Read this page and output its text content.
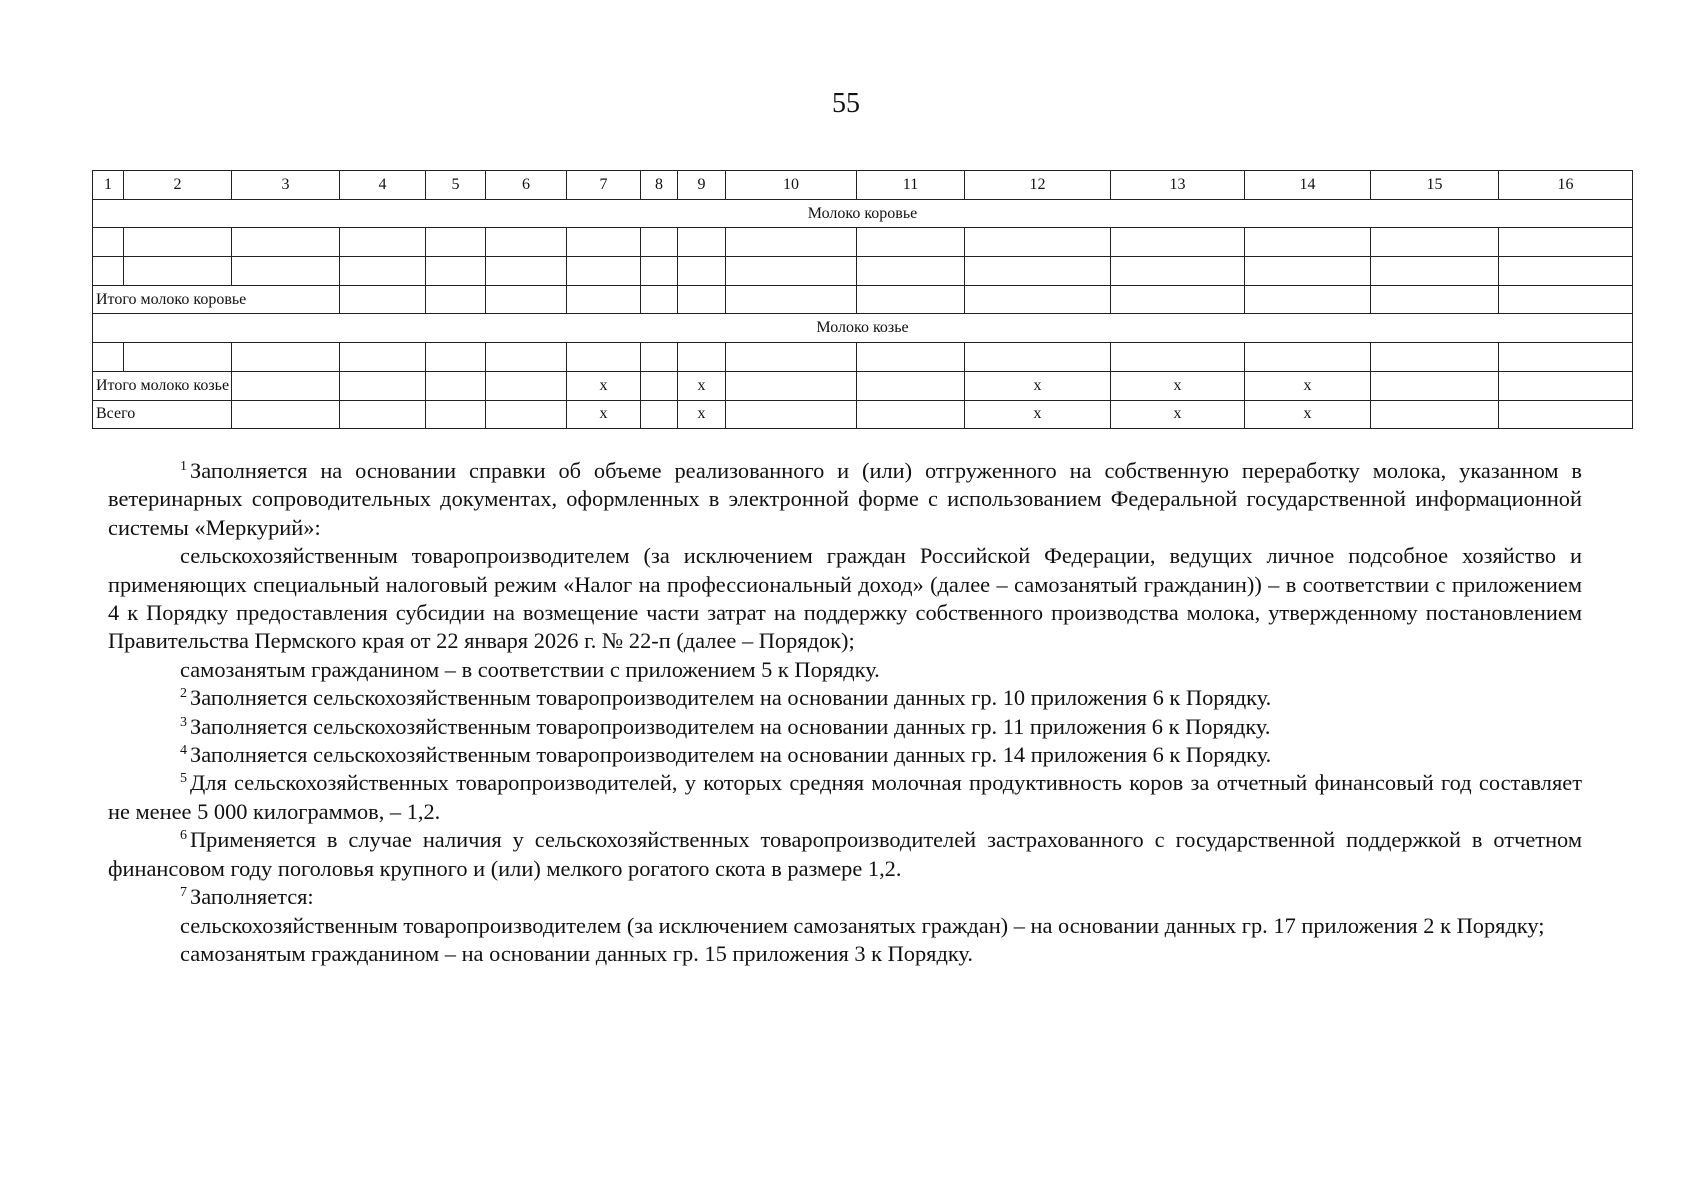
55
1	2	3	4	5	6	7	8	9	10	11	12	13	14	15	16	
Молоко коровье																

Итого молоко коровье																
Молоко козье																

Итого молоко козье						x		x			x	x	x			
Всего						x		x			x	x	x			

$^1$ Заполняется на основании справки об объеме реализованного и (или) отгруженного на собственную переработку молока, указанном в ветеринарных сопроводительных документах, оформленных в электронной форме с использованием Федеральной государственной информационной системы «Меркурий»:

сельскохозяйственным товаропроизводителем (за исключением граждан Российской Федерации, ведущих личное подсобное хозяйство и применяющих специальный налоговый режим «Налог на профессиональный доход» (далее – самозанятый гражданин)) – в соответствии с приложением 4 к Порядку предоставления субсидии на возмещение части затрат на поддержку собственного производства молока, утвержденному постановлением Правительства Пермского края от 22 января 2026 г. № 22-п (далее – Порядок);

самозанятым гражданином – в соответствии с приложением 5 к Порядку.

$^2$ Заполняется сельскохозяйственным товаропроизводителем на основании данных гр. 10 приложения 6 к Порядку.

$^3$ Заполняется сельскохозяйственным товаропроизводителем на основании данных гр. 11 приложения 6 к Порядку.

$^4$ Заполняется сельскохозяйственным товаропроизводителем на основании данных гр. 14 приложения 6 к Порядку.

$^5$ Для сельскохозяйственных товаропроизводителей, у которых средняя молочная продуктивность коров за отчетный финансовый год составляет не менее 5 000 килограммов, – 1,2.

$^6$ Применяется в случае наличия у сельскохозяйственных товаропроизводителей застрахованного с государственной поддержкой в отчетном финансовом году поголовья крупного и (или) мелкого рогатого скота в размере 1,2.

$^7$ Заполняется:

сельскохозяйственным товаропроизводителем (за исключением самозанятых граждан) – на основании данных гр. 17 приложения 2 к Порядку;

самозанятым гражданином – на основании данных гр. 15 приложения 3 к Порядку.
